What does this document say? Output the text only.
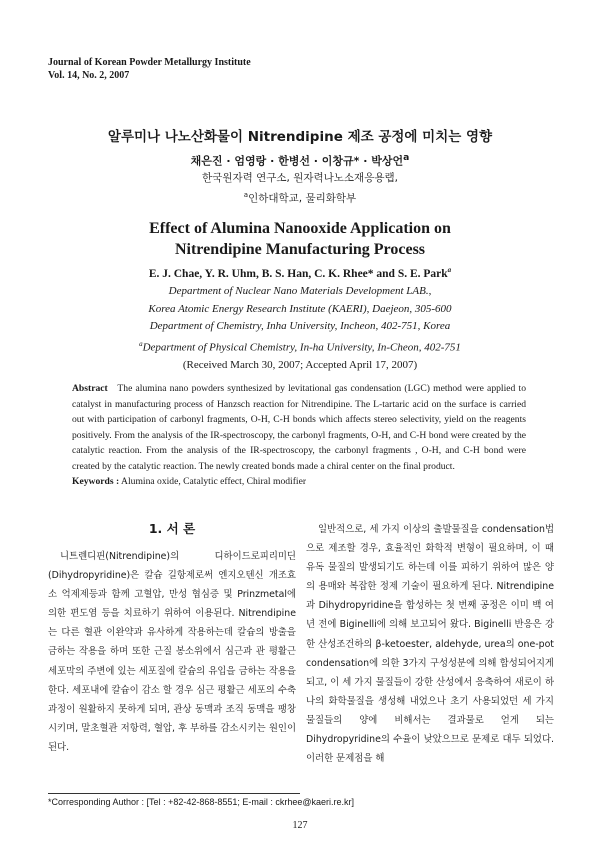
Journal of Korean Powder Metallurgy Institute
Vol. 14, No. 2, 2007
알루미나 나노산화물이 Nitrendipine 제조 공정에 미치는 영향
채은진 · 엄영랑 · 한병선 · 이창규* · 박상언$^a$
한국원자력 연구소, 원자력나노소재응용랩,
$^a$인하대학교, 물리화학부
Effect of Alumina Nanooxide Application on
Nitrendipine Manufacturing Process
E. J. Chae, Y. R. Uhm, B. S. Han, C. K. Rhee* and S. E. Park$^a$
Department of Nuclear Nano Materials Development LAB.,
Korea Atomic Energy Research Institute (KAERI), Daejeon, 305-600
Department of Chemistry, Inha University, Incheon, 402-751, Korea
$^a$Department of Physical Chemistry, In-ha University, In-Cheon, 402-751
(Received March 30, 2007; Accepted April 17, 2007)
Abstract The alumina nano powders synthesized by levitational gas condensation (LGC) method were applied to catalyst in manufacturing process of Hanzsch reaction for Nitrendipine. The L-tartaric acid on the surface is carried out with participation of carbonyl fragments, O-H, C-H bonds which affects stereo selectivity, yield on the reagents positively. From the analysis of the IR-spectroscopy, the carbonyl fragments, O-H, and C-H bond were created by the catalytic reaction. From the analysis of the IR-spectroscopy, the carbonyl fragments , O-H, and C-H bond were created by the catalytic reaction. The newly created bonds made a chiral center on the final product.
Keywords : Alumina oxide, Catalytic effect, Chiral modifier
1. 서 론

니트렌디핀(Nitrendipine)의 디하이드로피리미딘(Dihydropyridine)은 칼슘 길항제로써 엔지오텐신 개조효소 억제제등과 함께 고혈압, 만성 협심증 및 Prinzmetal에 의한 편도염 등을 치료하기 위하여 이용된다. Nitrendipine는 다른 혈관 이완약과 유사하게 작용하는데 칼슘의 방출을 금하는 작용을 하며 또한 근질 봉소위에서 심근과 관 평활근 세포막의 주변에 있는 세포질에 칼슘의 유입을 금하는 작용을 한다. 세포내에 칼슘이 감소 할 경우 심근 평활근 세포의 수축 과정이 원활하지 못하게 되며, 관상 동맥과 조직 동맥을 팽창시키며, 말초혈관 저항력, 혈압, 후 부하를 감소시키는 원인이 된다.

일반적으로, 세 가지 이상의 출발물질을 condensation법으로 제조할 경우, 효율적인 화학적 변형이 필요하며, 이 때 유독 물질의 발생되기도 하는데 이를 피하기 위하여 많은 양의 용매와 복잡한 정제 기술이 필요하게 된다. Nitrendipine과 Dihydropyridine을 합성하는 첫 번째 공정은 이미 백 여년 전에 Biginelli에 의해 보고되어 왔다. Biginelli 반응은 강한 산성조건하의 β-ketoester, aldehyde, urea의 one-pot condensation에 의한 3가지 구성성분에 의해 합성되어지게 되고, 이 세 가지 물질들이 강한 산성에서 응축하여 새로이 하나의 화학물질을 생성해 내었으나 초기 사용되었던 세 가지 물질들의 양에 비해서는 결과물로 얻게 되는 Dihydropyridine의 수율이 낮았으므로 문제로 대두 되었다. 이러한 문제점을 해

*Corresponding Author : [Tel : +82-42-868-8551; E-mail : ckrhee@kaeri.re.kr]
127
